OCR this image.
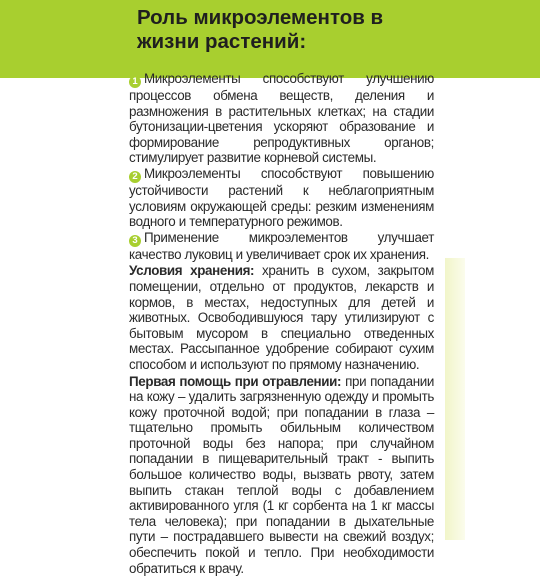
Роль микроэлементов в жизни растений:

1 Микроэлементы способствуют улучшению процессов обмена веществ, деления и размножения в растительных клетках; на стадии бутонизации-цветения ускоряют образование и формирование репродуктивных органов; стимулирует развитие корневой системы.

2 Микроэлементы способствуют повышению устойчивости растений к неблагоприятным условиям окружающей среды: резким изменениям водного и температурного режимов.

3 Применение микроэлементов улучшает качество луковиц и увеличивает срок их хранения.

Условия хранения: хранить в сухом, закрытом помещении, отдельно от продуктов, лекарств и кормов, в местах, недоступных для детей и животных. Освободившуюся тару утилизируют с бытовым мусором в специально отведенных местах. Рассыпанное удобрение собирают сухим способом и используют по прямому назначению.

Первая помощь при отравлении: при попадании на кожу – удалить загрязненную одежду и промыть кожу проточной водой; при попадании в глаза – тщательно промыть обильным количеством проточной воды без напора; при случайном попадании в пищеварительный тракт - выпить большое количество воды, вызвать рвоту, затем выпить стакан теплой воды с добавлением активированного угля (1 кг сорбента на 1 кг массы тела человека); при попадании в дыхательные пути – пострадавшего вывести на свежий воздух; обеспечить покой и тепло. При необходимости обратиться к врачу.
